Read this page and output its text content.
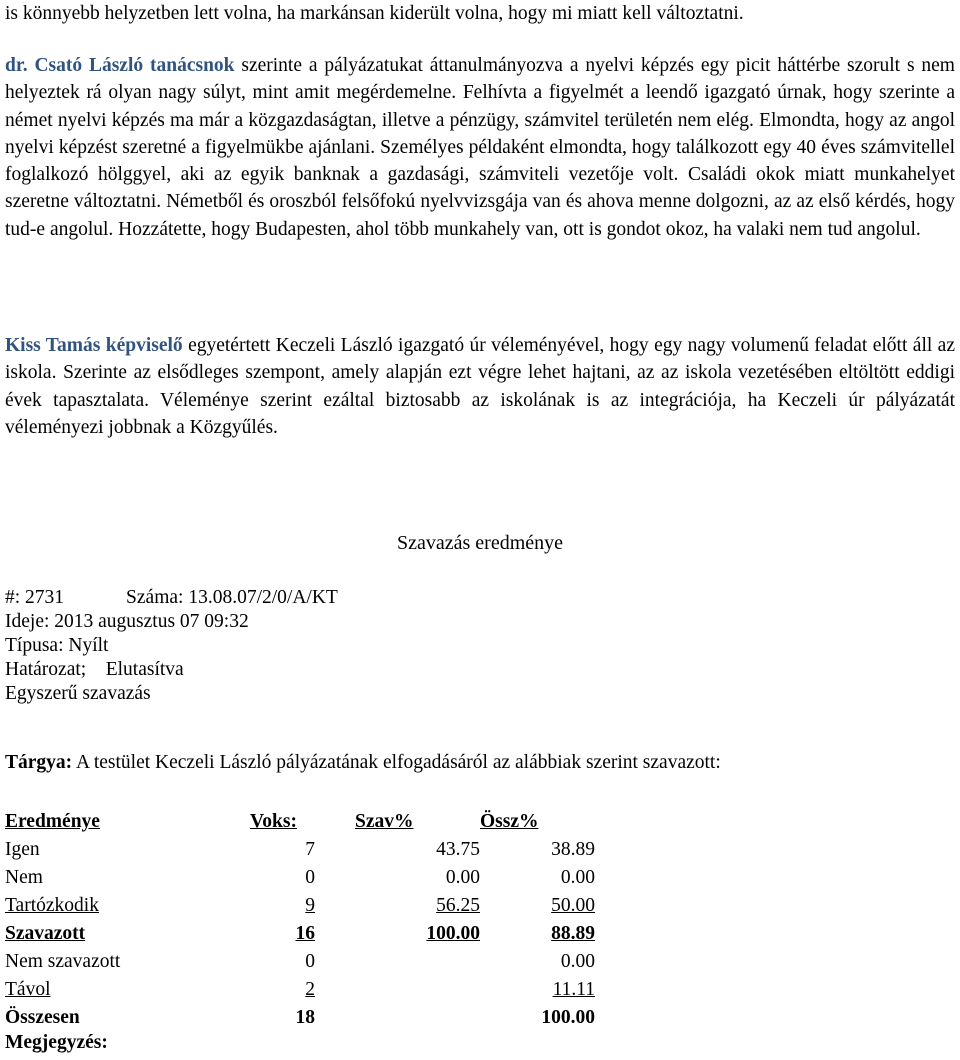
is könnyebb helyzetben lett volna, ha markánsan kiderült volna, hogy mi miatt kell változtatni.

dr. Csató László tanácsnok szerinte a pályázatukat áttanulmányozva a nyelvi képzés egy picit háttérbe szorult s nem helyeztek rá olyan nagy súlyt, mint amit megérdemelne. Felhívta a figyelmét a leendő igazgató úrnak, hogy szerinte a német nyelvi képzés ma már a közgazdaságtan, illetve a pénzügy, számvitel területén nem elég. Elmondta, hogy az angol nyelvi képzést szeretné a figyelmükbe ajánlani. Személyes példaként elmondta, hogy találkozott egy 40 éves számvitellel foglalkozó hölggyel, aki az egyik banknak a gazdasági, számviteli vezetője volt. Családi okok miatt munkahelyet szeretne változtatni. Németből és oroszból felsőfokú nyelvvizsgája van és ahova menne dolgozni, az az első kérdés, hogy tud-e angolul. Hozzátette, hogy Budapesten, ahol több munkahely van, ott is gondot okoz, ha valaki nem tud angolul.

Kiss Tamás képviselő egyetértett Keczeli László igazgató úr véleményével, hogy egy nagy volumenű feladat előtt áll az iskola. Szerinte az elsődleges szempont, amely alapján ezt végre lehet hajtani, az az iskola vezetésében eltöltött eddigi évek tapasztalata. Véleménye szerint ezáltal biztosabb az iskolának is az integrációja, ha Keczeli úr pályázatát véleményezi jobbnak a Közgyűlés.

Szavazás eredménye
#: 2731	Száma: 13.08.07/2/0/A/KT
Ideje: 2013 augusztus 07 09:32
Típusa: Nyílt
Határozat;    Elutasítva
Egyszerű szavazás
Tárgya: A testület Keczeli László pályázatának elfogadásáról az alábbiak szerint szavazott:
Eredménye	Voks:	Szav%	Össz%
Igen	7	43.75	38.89
Nem	0	0.00	0.00
Tartózkodik	9	56.25	50.00
Szavazott	16	100.00	88.89
Nem szavazott	0		0.00
Távol	2		11.11
Összesen	18		100.00
Megjegyzés:
